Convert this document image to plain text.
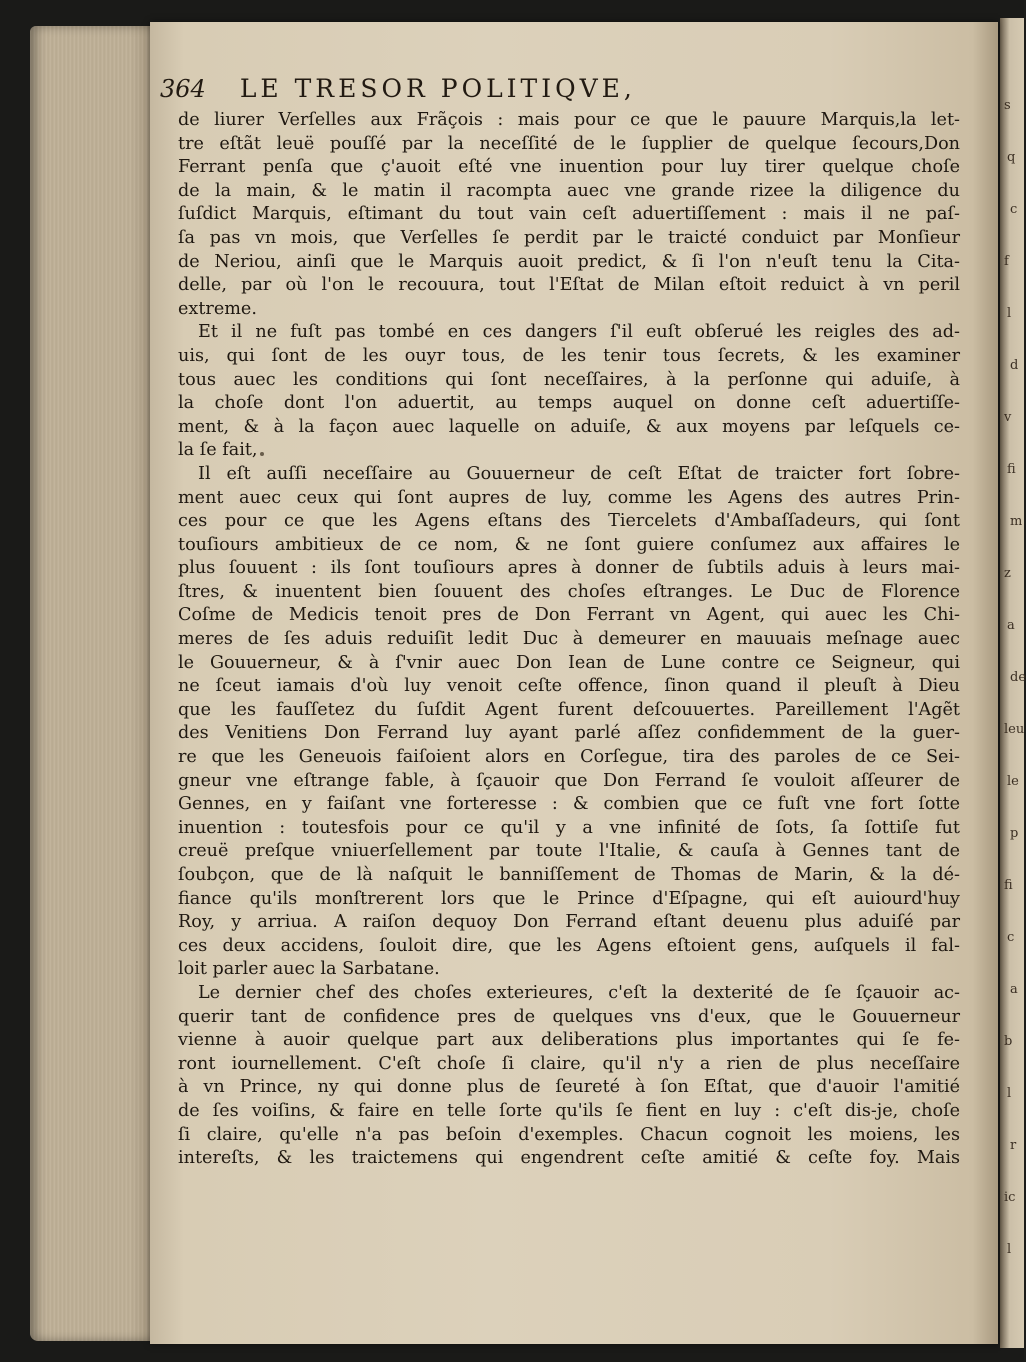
s
q
c
f
l
d
v
fi
m
z
a
de
leu
le
p
fi
c
a
b
l
r
ic
l
364 LE TRESOR POLITIQVE,
de liurer Verſelles aux Frãçois : mais pour ce que le pauure Marquis,la let-
tre eſtãt leuë pouſſé par la neceſſité de le ſupplier de quelque ſecours,Don
Ferrant penſa que ç'auoit eſté vne inuention pour luy tirer quelque choſe
de la main, & le matin il racompta auec vne grande rizee la diligence du
ſuſdict Marquis, eſtimant du tout vain ceſt aduertiſſement : mais il ne paſ-
ſa pas vn mois, que Verſelles ſe perdit par le traicté conduict par Monſieur
de Neriou, ainſi que le Marquis auoit predict, & ſi l'on n'euſt tenu la Cita-
delle, par où l'on le recouura, tout l'Eſtat de Milan eſtoit reduict à vn peril
extreme.
Et il ne fuſt pas tombé en ces dangers ſ'il euſt obſerué les reigles des ad-
uis, qui ſont de les ouyr tous, de les tenir tous ſecrets, & les examiner
tous auec les conditions qui ſont neceſſaires, à la perſonne qui aduiſe, à
la choſe dont l'on aduertit, au temps auquel on donne ceſt aduertiſſe-
ment, & à la façon auec laquelle on aduiſe, & aux moyens par leſquels ce-
la ſe fait,
Il eſt auſſi neceſſaire au Gouuerneur de ceſt Eſtat de traicter fort ſobre-
ment auec ceux qui ſont aupres de luy, comme les Agens des autres Prin-
ces pour ce que les Agens eſtans des Tiercelets d'Ambaſſadeurs, qui ſont
touſiours ambitieux de ce nom, & ne ſont guiere conſumez aux affaires le
plus ſouuent : ils ſont touſiours apres à donner de ſubtils aduis à leurs mai-
ſtres, & inuentent bien ſouuent des choſes eſtranges. Le Duc de Florence
Coſme de Medicis tenoit pres de Don Ferrant vn Agent, qui auec les Chi-
meres de ſes aduis reduiſit ledit Duc à demeurer en mauuais meſnage auec
le Gouuerneur, & à ſ'vnir auec Don Iean de Lune contre ce Seigneur, qui
ne ſceut iamais d'où luy venoit ceſte offence, ſinon quand il pleuſt à Dieu
que les fauſſetez du ſuſdit Agent furent deſcouuertes. Pareillement l'Agẽt
des Venitiens Don Ferrand luy ayant parlé aſſez confidemment de la guer-
re que les Geneuois faiſoient alors en Corſegue, tira des paroles de ce Sei-
gneur vne eſtrange fable, à ſçauoir que Don Ferrand ſe vouloit aſſeurer de
Gennes, en y faiſant vne forteresse : & combien que ce fuſt vne fort ſotte
inuention : toutesfois pour ce qu'il y a vne infinité de ſots, ſa ſottiſe fut
creuë preſque vniuerſellement par toute l'Italie, & cauſa à Gennes tant de
ſoubçon, que de là naſquit le banniſſement de Thomas de Marin, & la dé-
fiance qu'ils monſtrerent lors que le Prince d'Eſpagne, qui eſt auiourd'huy
Roy, y arriua. A raiſon dequoy Don Ferrand eſtant deuenu plus aduiſé par
ces deux accidens, ſouloit dire, que les Agens eſtoient gens, auſquels il fal-
loit parler auec la Sarbatane.
Le dernier chef des choſes exterieures, c'eſt la dexterité de ſe ſçauoir ac-
querir tant de confidence pres de quelques vns d'eux, que le Gouuerneur
vienne à auoir quelque part aux deliberations plus importantes qui ſe fe-
ront iournellement. C'eſt choſe ſi claire, qu'il n'y a rien de plus neceſſaire
à vn Prince, ny qui donne plus de ſeureté à ſon Eſtat, que d'auoir l'amitié
de ſes voiſins, & faire en telle ſorte qu'ils ſe fient en luy : c'eſt dis-je, choſe
ſi claire, qu'elle n'a pas beſoin d'exemples. Chacun cognoit les moiens, les
intereſts, & les traictemens qui engendrent ceſte amitié & ceſte foy. Mais
